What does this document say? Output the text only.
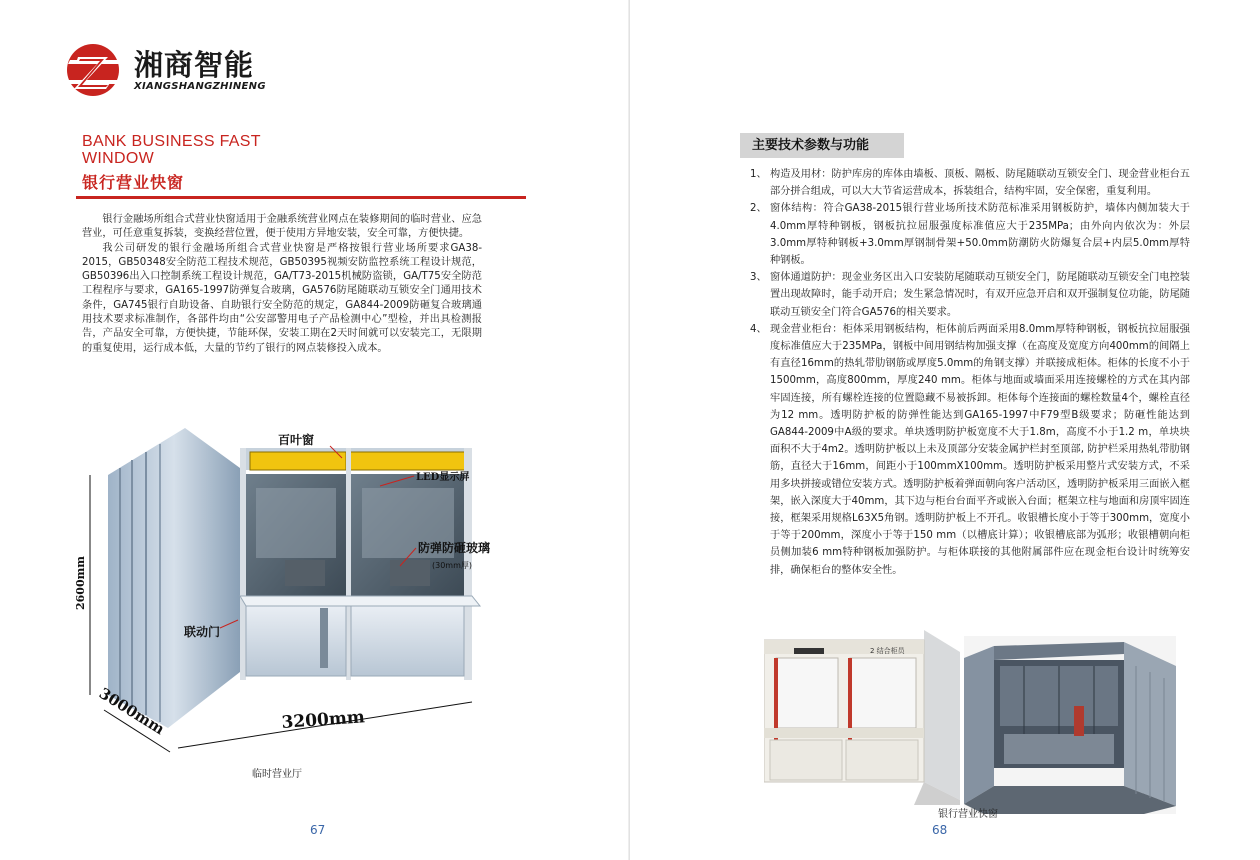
湘商智能
XIANGSHANGZHINENG
BANK BUSINESS FAST
WINDOW
银行营业快窗

银行金融场所组合式营业快窗适用于金融系统营业网点在装修期间的临时营业、应急营业，可任意重复拆装，变换经营位置，便于使用方异地安装，安全可靠，方便快捷。

我公司研发的银行金融场所组合式营业快窗是严格按银行营业场所要求GA38-2015，GB50348安全防范工程技术规范，GB50395视频安防监控系统工程设计规范，GB50396出入口控制系统工程设计规范，GA/T73-2015机械防盗锁，GA/T75安全防范工程程序与要求，GA165-1997防弹复合玻璃，GA576防尾随联动互锁安全门通用技术条件，GA745银行自助设备、自助银行安全防范的规定，GA844-2009防砸复合玻璃通用技术要求标准制作，各部件均由“公安部警用电子产品检测中心”型检，并出具检测报告，产品安全可靠，方便快捷，节能环保，安装工期在2天时间就可以安装完工，无限期的重复使用，运行成本低，大量的节约了银行的网点装修投入成本。

百叶窗
LED显示屏
防弹防砸玻璃
(30mm厚)
联动门
2600mm
3000mm	3200mm
临时营业厅
67
主要技术参数与功能
1、 构造及用材：防护库房的库体由墙板、顶板、隔板、防尾随联动互锁安全门、现金营业柜台五部分拼合组成，可以大大节省运营成本，拆装组合，结构牢固，安全保密，重复利用。
2、 窗体结构：符合GA38-2015银行营业场所技术防范标准采用钢板防护，墙体内侧加装大于4.0mm厚特种钢板，钢板抗拉屈服强度标准值应大于235MPa；由外向内依次为：外层3.0mm厚特种钢板+3.0mm厚钢制骨架+50.0mm防潮防火防爆复合层+内层5.0mm厚特种钢板。
3、 窗体通道防护：现金业务区出入口安装防尾随联动互锁安全门，防尾随联动互锁安全门电控装置出现故障时，能手动开启；发生紧急情况时，有双开应急开启和双开强制复位功能，防尾随联动互锁安全门符合GA576的相关要求。
4、 现金营业柜台：柜体采用钢板结构，柜体前后两面采用8.0mm厚特种钢板，钢板抗拉屈服强度标准值应大于235MPa，钢板中间用钢结构加强支撑（在高度及宽度方向400mm的间隔上有直径16mm的热轧带肋钢筋或厚度5.0mm的角钢支撑）并联接成柜体。柜体的长度不小于1500mm，高度800mm，厚度240 mm。柜体与地面或墙面采用连接螺栓的方式在其内部牢固连接，所有螺栓连接的位置隐藏不易被拆卸。柜体每个连接面的螺栓数量4个，螺栓直径为12 mm。透明防护板的防弹性能达到GA165-1997中F79型B级要求；防砸性能达到GA844-2009中A级的要求。单块透明防护板宽度不大于1.8m，高度不小于1.2 m，单块块面积不大于4m2。透明防护板以上未及顶部分安装金属护栏封至顶部, 防护栏采用热轧带肋钢筋，直径大于16mm，间距小于100mmX100mm。透明防护板采用整片式安装方式，不采用多块拼接或错位安装方式。透明防护板着弹面朝向客户活动区，透明防护板采用三面嵌入框架，嵌入深度大于40mm，其下边与柜台台面平齐或嵌入台面；框架立柱与地面和房顶牢固连接，框架采用规格L63X5角钢。透明防护板上不开孔。收银槽长度小于等于300mm，宽度小于等于200mm，深度小于等于150 mm（以槽底计算）；收银槽底部为弧形；收银槽朝向柜员侧加装6 mm特种钢板加强防护。与柜体联接的其他附属部件应在现金柜台设计时统筹安排，确保柜台的整体安全性。
2 结合柜员
银行营业快窗
68
